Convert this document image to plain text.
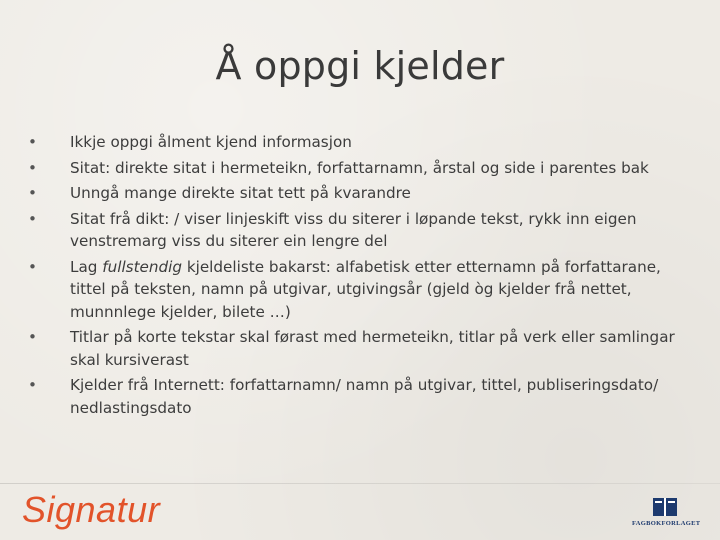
Å oppgi kjelder
•	Ikkje oppgi ålment kjend informasjon
•	Sitat: direkte sitat i hermeteikn, forfattarnamn, årstal og side i parentes bak
•	Unngå mange direkte sitat tett på kvarandre
•	Sitat frå dikt: / viser linjeskift viss du siterer i løpande tekst, rykk inn eigen venstremarg viss du siterer ein lengre del
•	Lag fullstendig kjeldeliste bakarst: alfabetisk etter etternamn på forfattarane, tittel på teksten, namn på utgivar, utgivingsår (gjeld òg kjelder frå nettet, munnnlege kjelder, bilete …)
•	Titlar på korte tekstar skal førast med hermeteikn, titlar på verk eller samlingar skal kursiverast
•	Kjelder frå Internett: forfattarnamn/ namn på utgivar, tittel, publiseringsdato/ nedlastingsdato
Signatur	FAGBOKFORLAGET
